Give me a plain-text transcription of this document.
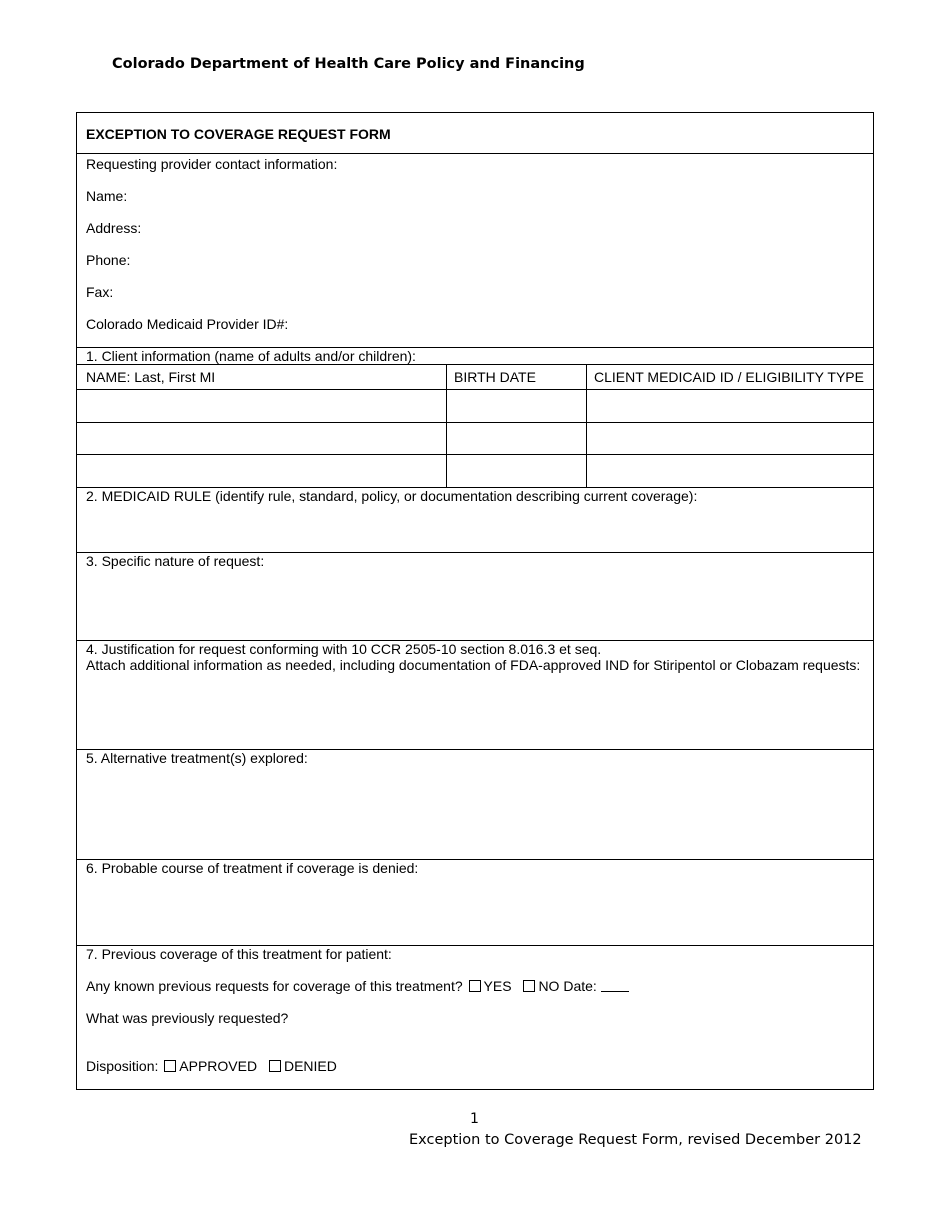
Colorado Department of Health Care Policy and Financing
EXCEPTION TO COVERAGE REQUEST FORM
Requesting provider contact information:
Name:
Address:
Phone:
Fax:
Colorado Medicaid Provider ID#:
1. Client information (name of adults and/or children):
NAME: Last, First MI	BIRTH DATE	CLIENT MEDICAID ID / ELIGIBILITY TYPE
2. MEDICAID RULE (identify rule, standard, policy, or documentation describing current coverage):
3. Specific nature of request:
4. Justification for request conforming with 10 CCR 2505-10 section 8.016.3 et seq.
Attach additional information as needed, including documentation of FDA-approved IND for Stiripentol or Clobazam requests:
5. Alternative treatment(s) explored:
6. Probable course of treatment if coverage is denied:
7. Previous coverage of this treatment for patient:
Any known previous requests for coverage of this treatment? YES NO Date:
What was previously requested?
Disposition: APPROVED DENIED
1
Exception to Coverage Request Form, revised December 2012
